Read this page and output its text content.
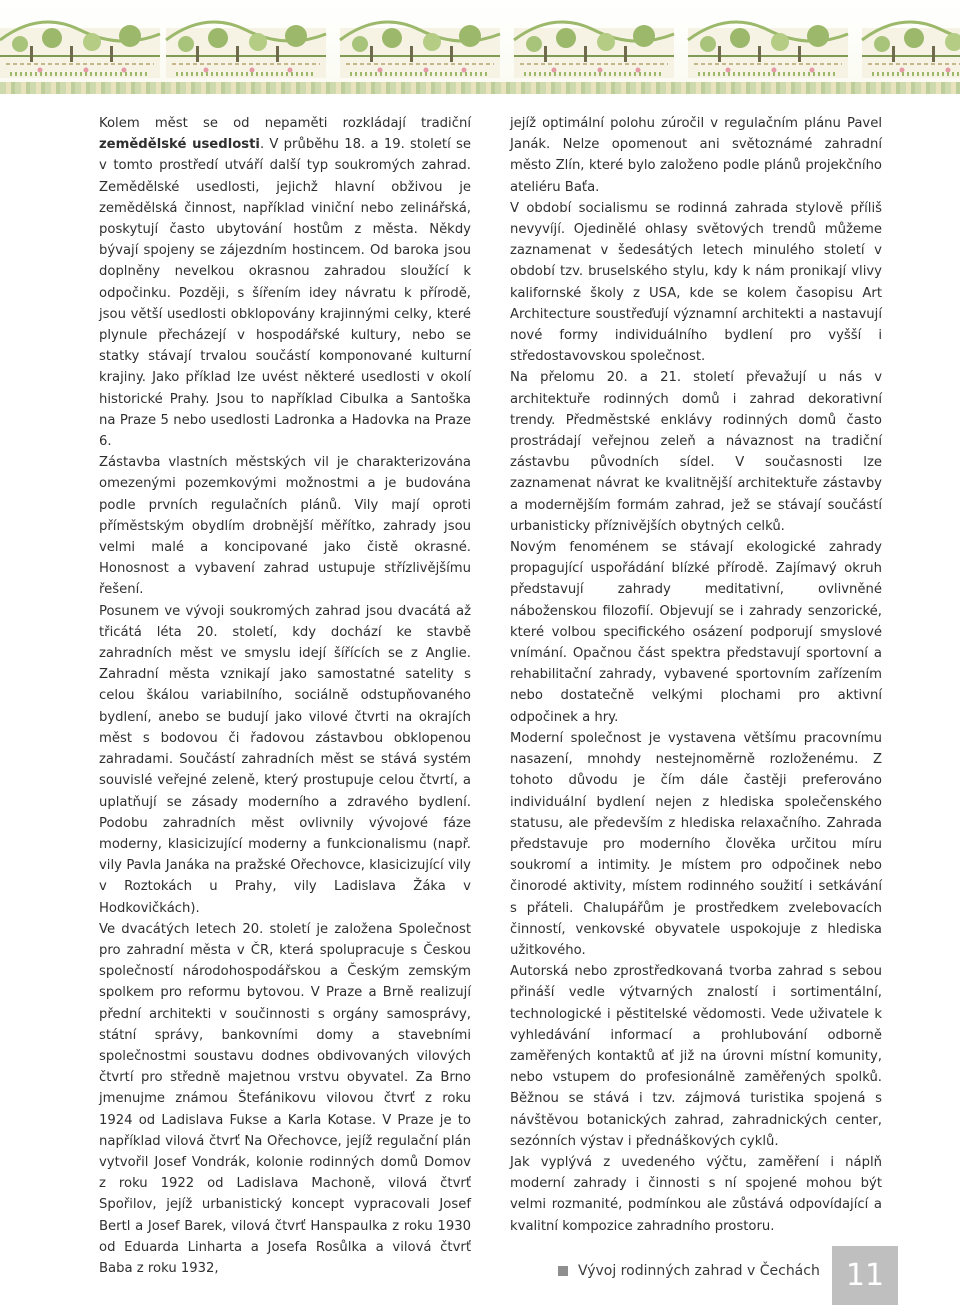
Kolem měst se od nepaměti rozkládají tradiční zemědělské usedlosti. V průběhu 18. a 19. století se v tomto prostředí utváří další typ soukromých zahrad. Zemědělské usedlosti, jejichž hlavní obživou je zemědělská činnost, například viniční nebo zelinářská, poskytují často ubytování hostům z města. Někdy bývají spojeny se zájezdním hostincem. Od baroka jsou doplněny nevelkou okrasnou zahradou sloužící k odpočinku. Později, s šířením idey návratu k přírodě, jsou větší usedlosti obklopovány krajinnými celky, které plynule přecházejí v hospodářské kultury, nebo se statky stávají trvalou součástí komponované kulturní krajiny. Jako příklad lze uvést některé usedlosti v okolí historické Prahy. Jsou to například Cibulka a Santoška na Praze 5 nebo usedlosti Ladronka a Hadovka na Praze 6.

Zástavba vlastních městských vil je charakterizována omezenými pozemkovými možnostmi a je budována podle prvních regulačních plánů. Vily mají oproti příměstským obydlím drobnější měřítko, zahrady jsou velmi malé a koncipované jako čistě okrasné. Honosnost a vybavení zahrad ustupuje střízlivějšímu řešení.

Posunem ve vývoji soukromých zahrad jsou dvacátá až třicátá léta 20. století, kdy dochází ke stavbě zahradních měst ve smyslu idejí šířících se z Anglie. Zahradní města vznikají jako samostatné satelity s celou škálou variabilního, sociálně odstupňovaného bydlení, anebo se budují jako vilové čtvrti na okrajích měst s bodovou či řadovou zástavbou obklopenou zahradami. Součástí zahradních měst se stává systém souvislé veřejné zeleně, který prostupuje celou čtvrtí, a uplatňují se zásady moderního a zdravého bydlení. Podobu zahradních měst ovlivnily vývojové fáze moderny, klasicizující moderny a funkcionalismu (např. vily Pavla Janáka na pražské Ořechovce, klasicizující vily v Roztokách u Prahy, vily Ladislava Žáka v Hodkovičkách).

Ve dvacátých letech 20. století je založena Společnost pro zahradní města v ČR, která spolupracuje s Českou společností národohospodářskou a Českým zemským spolkem pro reformu bytovou. V Praze a Brně realizují přední architekti v součinnosti s orgány samosprávy, státní správy, bankovními domy a stavebními společnostmi soustavu dodnes obdivovaných vilových čtvrtí pro středně majetnou vrstvu obyvatel. Za Brno jmenujme známou Štefánikovu vilovou čtvrť z roku 1924 od Ladislava Fukse a Karla Kotase. V Praze je to například vilová čtvrť Na Ořechovce, jejíž regulační plán vytvořil Josef Vondrák, kolonie rodinných domů Domov z roku 1922 od Ladislava Machoně, vilová čtvrť Spořilov, jejíž urbanistický koncept vypracovali Josef Bertl a Josef Barek, vilová čtvrť Hanspaulka z roku 1930 od Eduarda Linharta a Josefa Rosůlka a vilová čtvrť Baba z roku 1932,

jejíž optimální polohu zúročil v regulačním plánu Pavel Janák. Nelze opomenout ani světoznámé zahradní město Zlín, které bylo založeno podle plánů projekčního ateliéru Baťa.

V období socialismu se rodinná zahrada stylově příliš nevyvíjí. Ojedinělé ohlasy světových trendů můžeme zaznamenat v šedesátých letech minulého století v období tzv. bruselského stylu, kdy k nám pronikají vlivy kalifornské školy z USA, kde se kolem časopisu Art Architecture soustřeďují významní architekti a nastavují nové formy individuálního bydlení pro vyšší i středostavovskou společnost.

Na přelomu 20. a 21. století převažují u nás v architektuře rodinných domů i zahrad dekorativní trendy. Předměstské enklávy rodinných domů často prostrádají veřejnou zeleň a návaznost na tradiční zástavbu původních sídel. V současnosti lze zaznamenat návrat ke kvalitnější architektuře zástavby a modernějším formám zahrad, jež se stávají součástí urbanisticky příznivějších obytných celků.

Novým fenoménem se stávají ekologické zahrady propagující uspořádání blízké přírodě. Zajímavý okruh představují zahrady meditativní, ovlivněné náboženskou filozofií. Objevují se i zahrady senzorické, které volbou specifického osázení podporují smyslové vnímání. Opačnou část spektra představují sportovní a rehabilitační zahrady, vybavené sportovním zařízením nebo dostatečně velkými plochami pro aktivní odpočinek a hry.

Moderní společnost je vystavena většímu pracovnímu nasazení, mnohdy nestejnoměrně rozloženému. Z tohoto důvodu je čím dále častěji preferováno individuální bydlení nejen z hlediska společenského statusu, ale především z hlediska relaxačního. Zahrada představuje pro moderního člověka určitou míru soukromí a intimity. Je místem pro odpočinek nebo činorodé aktivity, místem rodinného soužití i setkávání s přáteli. Chalupářům je prostředkem zvelebovacích činností, venkovské obyvatele uspokojuje z hlediska užitkového.

Autorská nebo zprostředkovaná tvorba zahrad s sebou přináší vedle výtvarných znalostí i sortimentální, technologické i pěstitelské vědomosti. Vede uživatele k vyhledávání informací a prohlubování odborně zaměřených kontaktů ať již na úrovni místní komunity, nebo vstupem do profesionálně zaměřených spolků. Běžnou se stává i tzv. zájmová turistika spojená s návštěvou botanických zahrad, zahradnických center, sezónních výstav i přednáškových cyklů.

Jak vyplývá z uvedeného výčtu, zaměření i náplň moderní zahrady i činnosti s ní spojené mohou být velmi rozmanité, podmínkou ale zůstává odpovídající a kvalitní kompozice zahradního prostoru.

Vývoj rodinných zahrad v Čechách 11
